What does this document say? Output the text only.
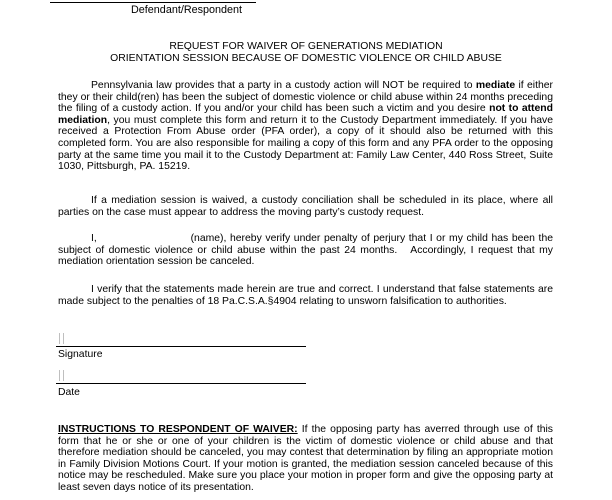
Defendant/Respondent
REQUEST FOR WAIVER OF GENERATIONS MEDIATION
ORIENTATION SESSION BECAUSE OF DOMESTIC VIOLENCE OR CHILD ABUSE
Pennsylvania law provides that a party in a custody action will NOT be required to mediate if either they or their child(ren) has been the subject of domestic violence or child abuse within 24 months preceding the filing of a custody action. If you and/or your child has been such a victim and you desire not to attend mediation, you must complete this form and return it to the Custody Department immediately. If you have received a Protection From Abuse order (PFA order), a copy of it should also be returned with this completed form. You are also responsible for mailing a copy of this form and any PFA order to the opposing party at the same time you mail it to the Custody Department at: Family Law Center, 440 Ross Street, Suite 1030, Pittsburgh, PA. 15219.
If a mediation session is waived, a custody conciliation shall be scheduled in its place, where all parties on the case must appear to address the moving party’s custody request.
I,                          (name), hereby verify under penalty of perjury that I or my child has been the subject of domestic violence or child abuse within the past 24 months.   Accordingly, I request that my mediation orientation session be canceled.
I verify that the statements made herein are true and correct. I understand that false statements are made subject to the penalties of 18 Pa.C.S.A.§4904 relating to unsworn falsification to authorities.
Signature
Date
INSTRUCTIONS TO RESPONDENT OF WAIVER: If the opposing party has averred through use of this form that he or she or one of your children is the victim of domestic violence or child abuse and that therefore mediation should be canceled, you may contest that determination by filing an appropriate motion in Family Division Motions Court. If your motion is granted, the mediation session canceled because of this notice may be rescheduled. Make sure you place your motion in proper form and give the opposing party at least seven days notice of its presentation.
